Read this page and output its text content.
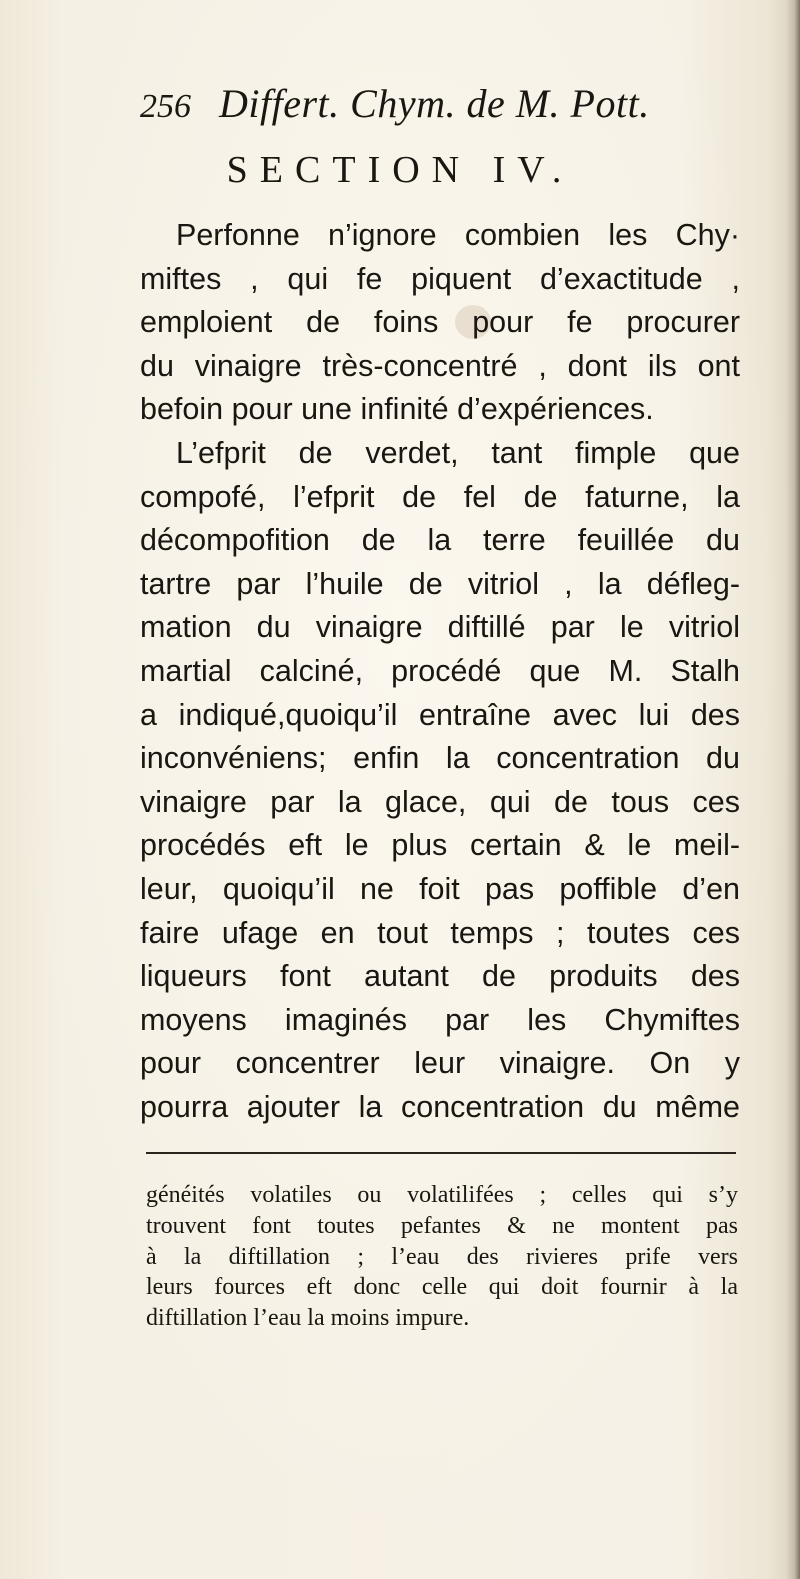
256 Differt. Chym. de M. Pott.
SECTION IV.
Perfonne n’ignore combien les Chy·
miftes , qui fe piquent d’exactitude ,
emploient de foins pour fe procurer
du vinaigre très-concentré , dont ils ont
befoin pour une infinité d’expériences.
L’efprit de verdet, tant fimple que
compofé, l’efprit de fel de faturne, la
décompofition de la terre feuillée du
tartre par l’huile de vitriol , la défleg-
mation du vinaigre diftillé par le vitriol
martial calciné, procédé que M. Stalh
a indiqué,quoiqu’il entraîne avec lui des
inconvéniens; enfin la concentration du
vinaigre par la glace, qui de tous ces
procédés eft le plus certain & le meil-
leur, quoiqu’il ne foit pas poffible d’en
faire ufage en tout temps ; toutes ces
liqueurs font autant de produits des
moyens imaginés par les Chymiftes
pour concentrer leur vinaigre. On y
pourra ajouter la concentration du même
généités volatiles ou volatilifées ; celles qui s’y
trouvent font toutes pefantes & ne montent pas
à la diftillation ; l’eau des rivieres prife vers
leurs fources eft donc celle qui doit fournir à la
diftillation l’eau la moins impure.
